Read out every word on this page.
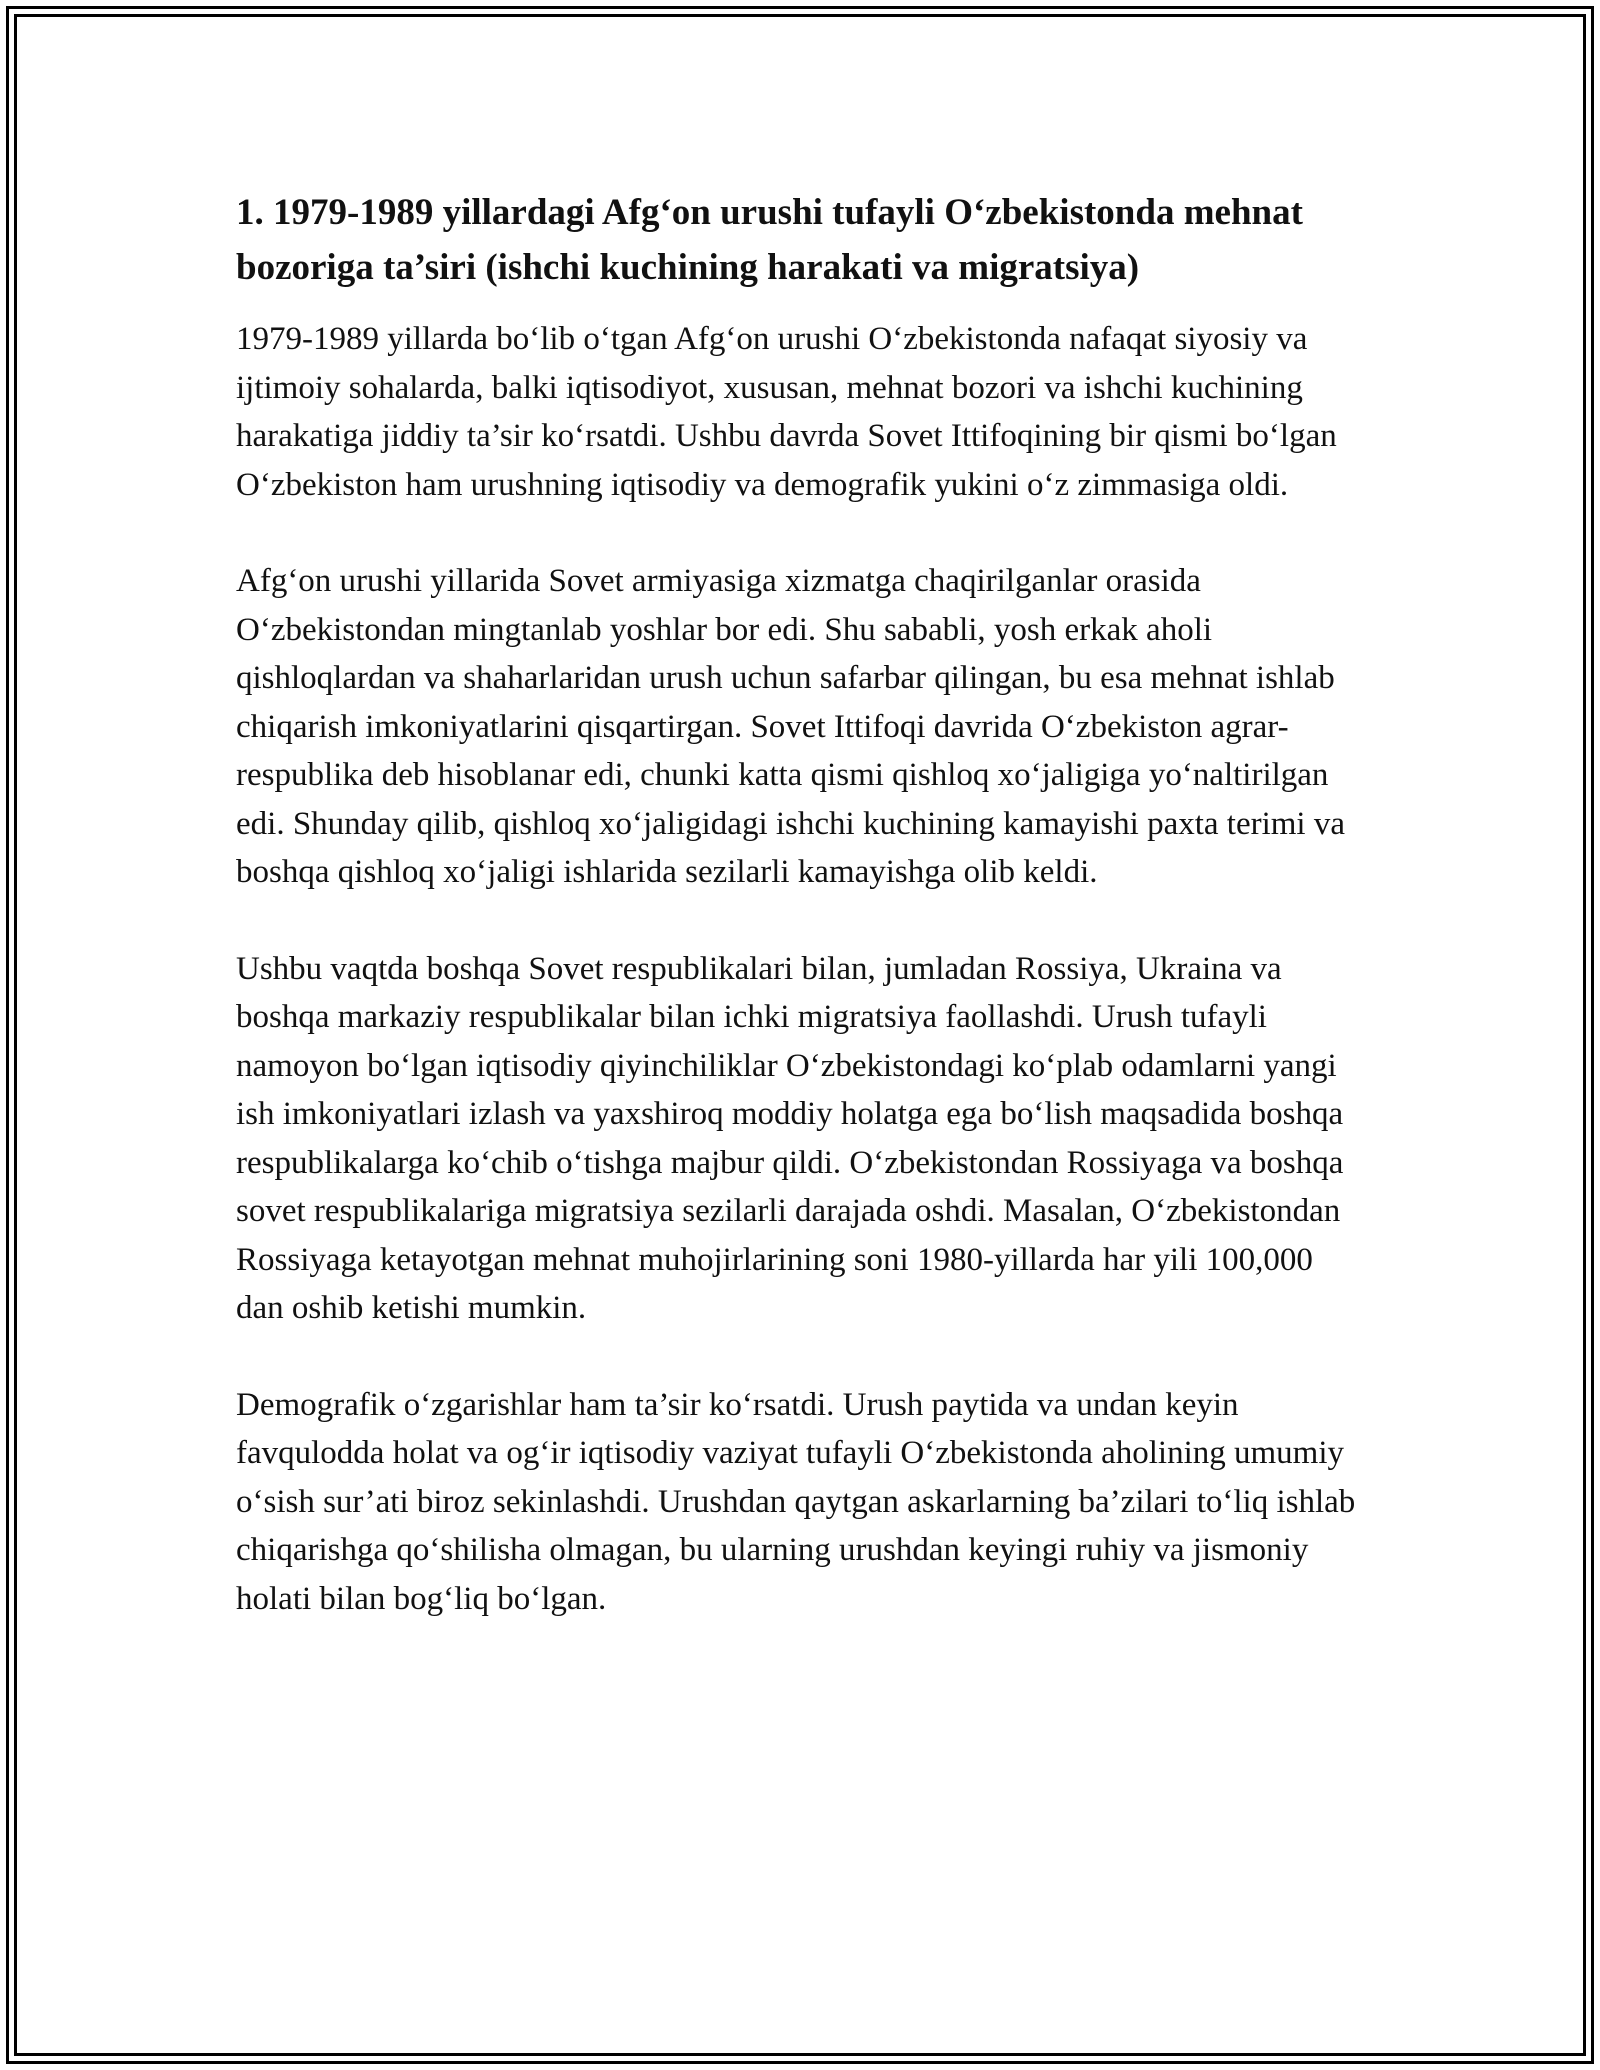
1. 1979-1989 yillardagi Afg‘on urushi tufayli O‘zbekistonda mehnat bozoriga ta’siri (ishchi kuchining harakati va migratsiya)

1979-1989 yillarda bo‘lib o‘tgan Afg‘on urushi O‘zbekistonda nafaqat siyosiy va ijtimoiy sohalarda, balki iqtisodiyot, xususan, mehnat bozori va ishchi kuchining harakatiga jiddiy ta’sir ko‘rsatdi. Ushbu davrda Sovet Ittifoqining bir qismi bo‘lgan O‘zbekiston ham urushning iqtisodiy va demografik yukini o‘z zimmasiga oldi.

Afg‘on urushi yillarida Sovet armiyasiga xizmatga chaqirilganlar orasida O‘zbekistondan mingtanlab yoshlar bor edi. Shu sababli, yosh erkak aholi qishloqlardan va shaharlaridan urush uchun safarbar qilingan, bu esa mehnat ishlab chiqarish imkoniyatlarini qisqartirgan. Sovet Ittifoqi davrida O‘zbekiston agrar-respublika deb hisoblanar edi, chunki katta qismi qishloq xo‘jaligiga yo‘naltirilgan edi. Shunday qilib, qishloq xo‘jaligidagi ishchi kuchining kamayishi paxta terimi va boshqa qishloq xo‘jaligi ishlarida sezilarli kamayishga olib keldi.

Ushbu vaqtda boshqa Sovet respublikalari bilan, jumladan Rossiya, Ukraina va boshqa markaziy respublikalar bilan ichki migratsiya faollashdi. Urush tufayli namoyon bo‘lgan iqtisodiy qiyinchiliklar O‘zbekistondagi ko‘plab odamlarni yangi ish imkoniyatlari izlash va yaxshiroq moddiy holatga ega bo‘lish maqsadida boshqa respublikalarga ko‘chib o‘tishga majbur qildi. O‘zbekistondan Rossiyaga va boshqa sovet respublikalariga migratsiya sezilarli darajada oshdi. Masalan, O‘zbekistondan Rossiyaga ketayotgan mehnat muhojirlarining soni 1980-yillarda har yili 100,000 dan oshib ketishi mumkin.

Demografik o‘zgarishlar ham ta’sir ko‘rsatdi. Urush paytida va undan keyin favqulodda holat va og‘ir iqtisodiy vaziyat tufayli O‘zbekistonda aholining umumiy o‘sish sur’ati biroz sekinlashdi. Urushdan qaytgan askarlarning ba’zilari to‘liq ishlab chiqarishga qo‘shilisha olmagan, bu ularning urushdan keyingi ruhiy va jismoniy holati bilan bog‘liq bo‘lgan.
